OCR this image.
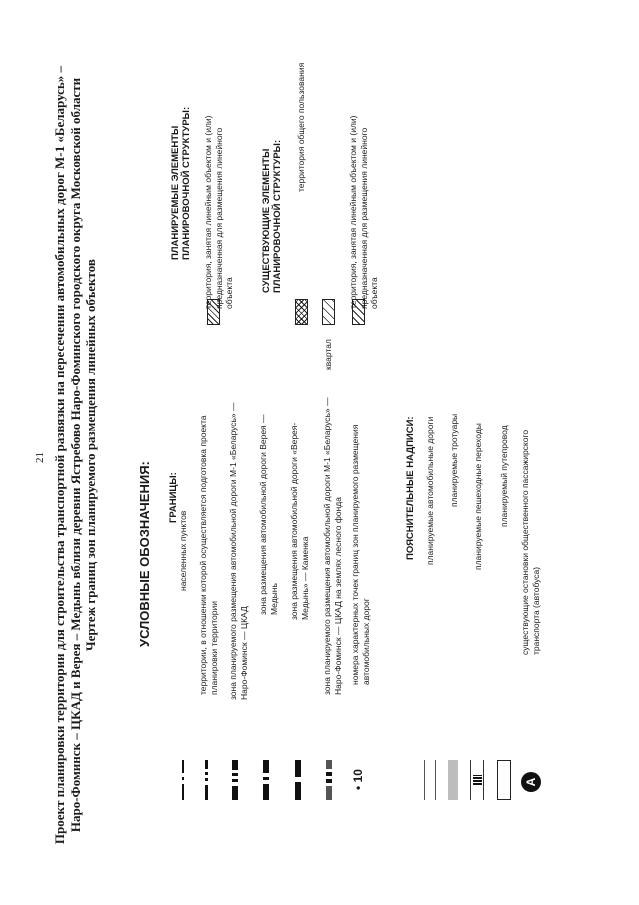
21 Проект планировки территории для строительства транспортной развязки на пересечении автомобильных дорог М-1 «Беларусь» – Наро-Фоминск – ЦКАД и Верея – Медынь вблизи деревни Ястребово Наро-Фоминского городского округа Московской области Чертеж границ зон планируемого размещения линейных объектов	УСЛОВНЫЕ ОБОЗНАЧЕНИЯ: ГРАНИЦЫ:
населенных пунктов территории, в отношении которой осуществляется подготовка проекта планировки территории зона планируемого размещения автомобильной дороги М-1 «Беларусь» — Наро-Фоминск — ЦКАД
зона размещения автомобильной дороги Верея — Медынь зона размещения автомобильной дороги «Верея-Медынь» — Каменка зона планируемого размещения автомобильной дороги М-1 «Беларусь» — Наро-Фоминск — ЦКАД на землях лесного фонда
• 10
номера характерных точек границ зон планируемого размещения автомобильных дорог
ПОЯСНИТЕЛЬНЫЕ НАДПИСИ: планируемые автомобильные дороги планируемые тротуары планируемые пешеходные переходы планируемый путепровод
А
существующие остановки общественного пассажирского транспорта (автобуса)
ПЛАНИРУЕМЫЕ ЭЛЕМЕНТЫ ПЛАНИРОВОЧНОЙ СТРУКТУРЫ: территория, занятая линейным объектом и (или) предназначенная для размещения линейного объекта
СУЩЕСТВУЮЩИЕ ЭЛЕМЕНТЫ ПЛАНИРОВОЧНОЙ СТРУКТУРЫ:
территория общего пользования
квартал
территория, занятая линейным объектом и (или) предназначенная для размещения линейного объекта
